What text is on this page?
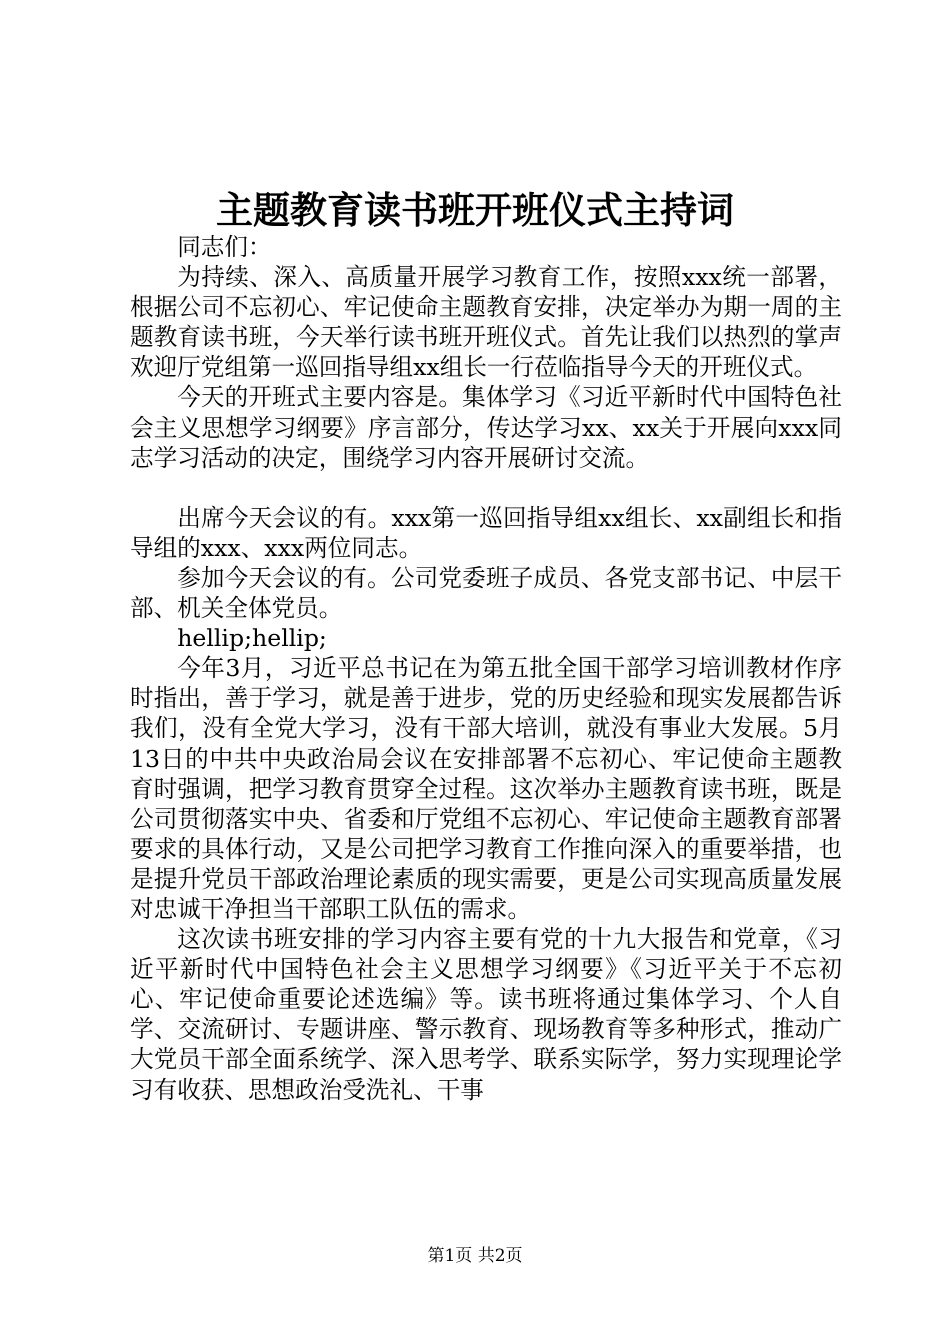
主题教育读书班开班仪式主持词

同志们：

为持续、深入、高质量开展学习教育工作，按照xxx统一部署，根据公司不忘初心、牢记使命主题教育安排，决定举办为期一周的主题教育读书班，今天举行读书班开班仪式。首先让我们以热烈的掌声欢迎厅党组第一巡回指导组xx组长一行莅临指导今天的开班仪式。

今天的开班式主要内容是。集体学习《习近平新时代中国特色社会主义思想学习纲要》序言部分，传达学习xx、xx关于开展向xxx同志学习活动的决定，围绕学习内容开展研讨交流。

出席今天会议的有。xxx第一巡回指导组xx组长、xx副组长和指导组的xxx、xxx两位同志。

参加今天会议的有。公司党委班子成员、各党支部书记、中层干部、机关全体党员。

hellip;hellip;

今年3月，习近平总书记在为第五批全国干部学习培训教材作序时指出，善于学习，就是善于进步，党的历史经验和现实发展都告诉我们，没有全党大学习，没有干部大培训，就没有事业大发展。5月13日的中共中央政治局会议在安排部署不忘初心、牢记使命主题教育时强调，把学习教育贯穿全过程。这次举办主题教育读书班，既是公司贯彻落实中央、省委和厅党组不忘初心、牢记使命主题教育部署要求的具体行动，又是公司把学习教育工作推向深入的重要举措，也是提升党员干部政治理论素质的现实需要，更是公司实现高质量发展对忠诚干净担当干部职工队伍的需求。

这次读书班安排的学习内容主要有党的十九大报告和党章，《习近平新时代中国特色社会主义思想学习纲要》《习近平关于不忘初心、牢记使命重要论述选编》等。读书班将通过集体学习、个人自学、交流研讨、专题讲座、警示教育、现场教育等多种形式，推动广大党员干部全面系统学、深入思考学、联系实际学，努力实现理论学习有收获、思想政治受洗礼、干事

第1页 共2页
